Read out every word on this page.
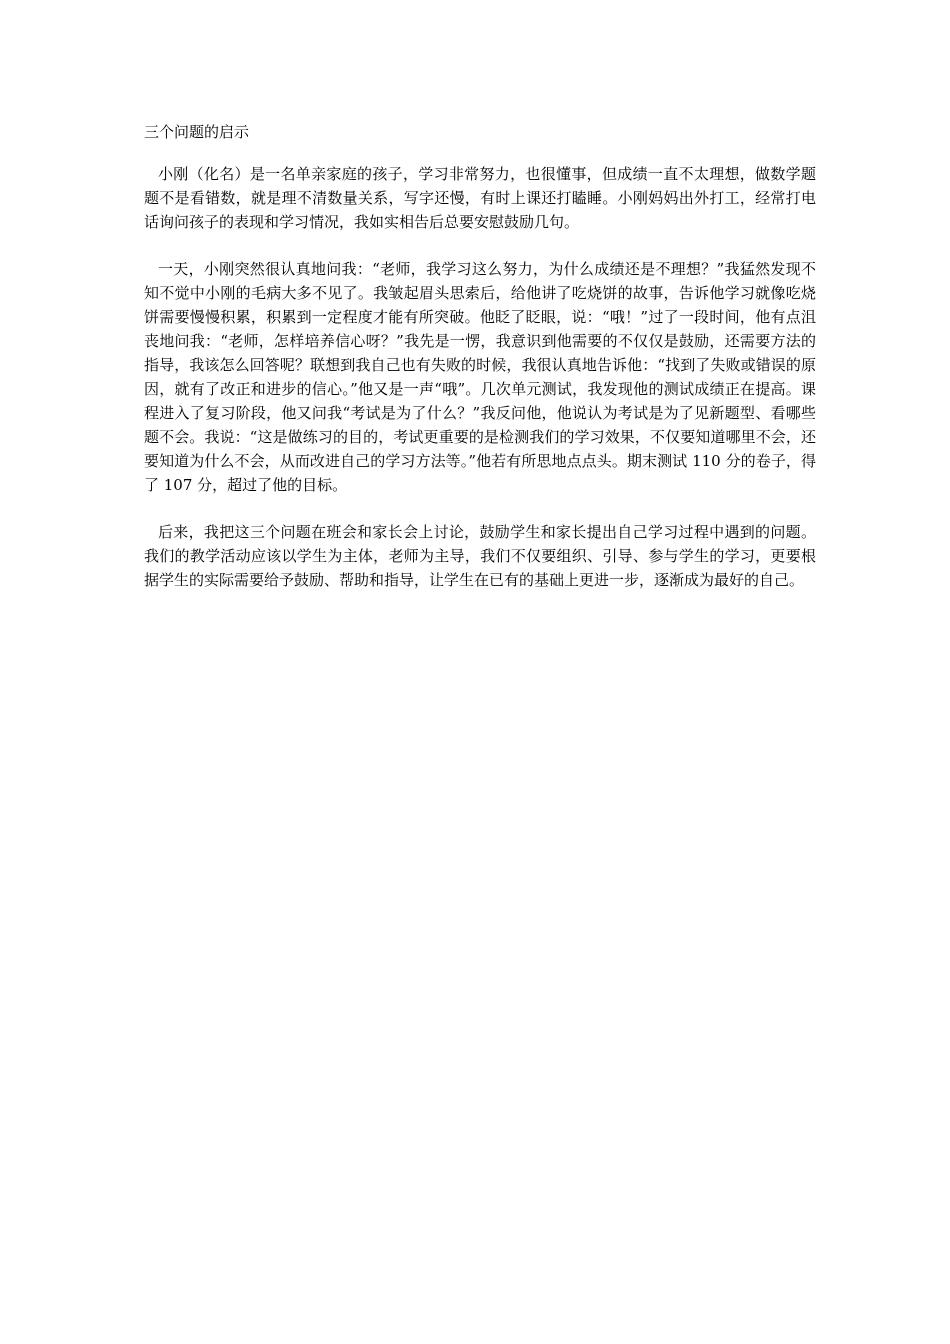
三个问题的启示

小刚（化名）是一名单亲家庭的孩子，学习非常努力，也很懂事，但成绩一直不太理想，做数学题题不是看错数，就是理不清数量关系，写字还慢，有时上课还打瞌睡。小刚妈妈出外打工，经常打电话询问孩子的表现和学习情况，我如实相告后总要安慰鼓励几句。

一天，小刚突然很认真地问我：“老师，我学习这么努力，为什么成绩还是不理想？”我猛然发现不知不觉中小刚的毛病大多不见了。我皱起眉头思索后，给他讲了吃烧饼的故事，告诉他学习就像吃烧饼需要慢慢积累，积累到一定程度才能有所突破。他眨了眨眼，说：“哦！”过了一段时间，他有点沮丧地问我：“老师，怎样培养信心呀？”我先是一愣，我意识到他需要的不仅仅是鼓励，还需要方法的指导，我该怎么回答呢？联想到我自己也有失败的时候，我很认真地告诉他：“找到了失败或错误的原因，就有了改正和进步的信心。”他又是一声“哦”。几次单元测试，我发现他的测试成绩正在提高。课程进入了复习阶段，他又问我“考试是为了什么？”我反问他，他说认为考试是为了见新题型、看哪些题不会。我说：“这是做练习的目的，考试更重要的是检测我们的学习效果，不仅要知道哪里不会，还要知道为什么不会，从而改进自己的学习方法等。”他若有所思地点点头。期末测试 110 分的卷子，得了 107 分，超过了他的目标。

后来，我把这三个问题在班会和家长会上讨论，鼓励学生和家长提出自己学习过程中遇到的问题。我们的教学活动应该以学生为主体，老师为主导，我们不仅要组织、引导、参与学生的学习，更要根据学生的实际需要给予鼓励、帮助和指导，让学生在已有的基础上更进一步，逐渐成为最好的自己。
